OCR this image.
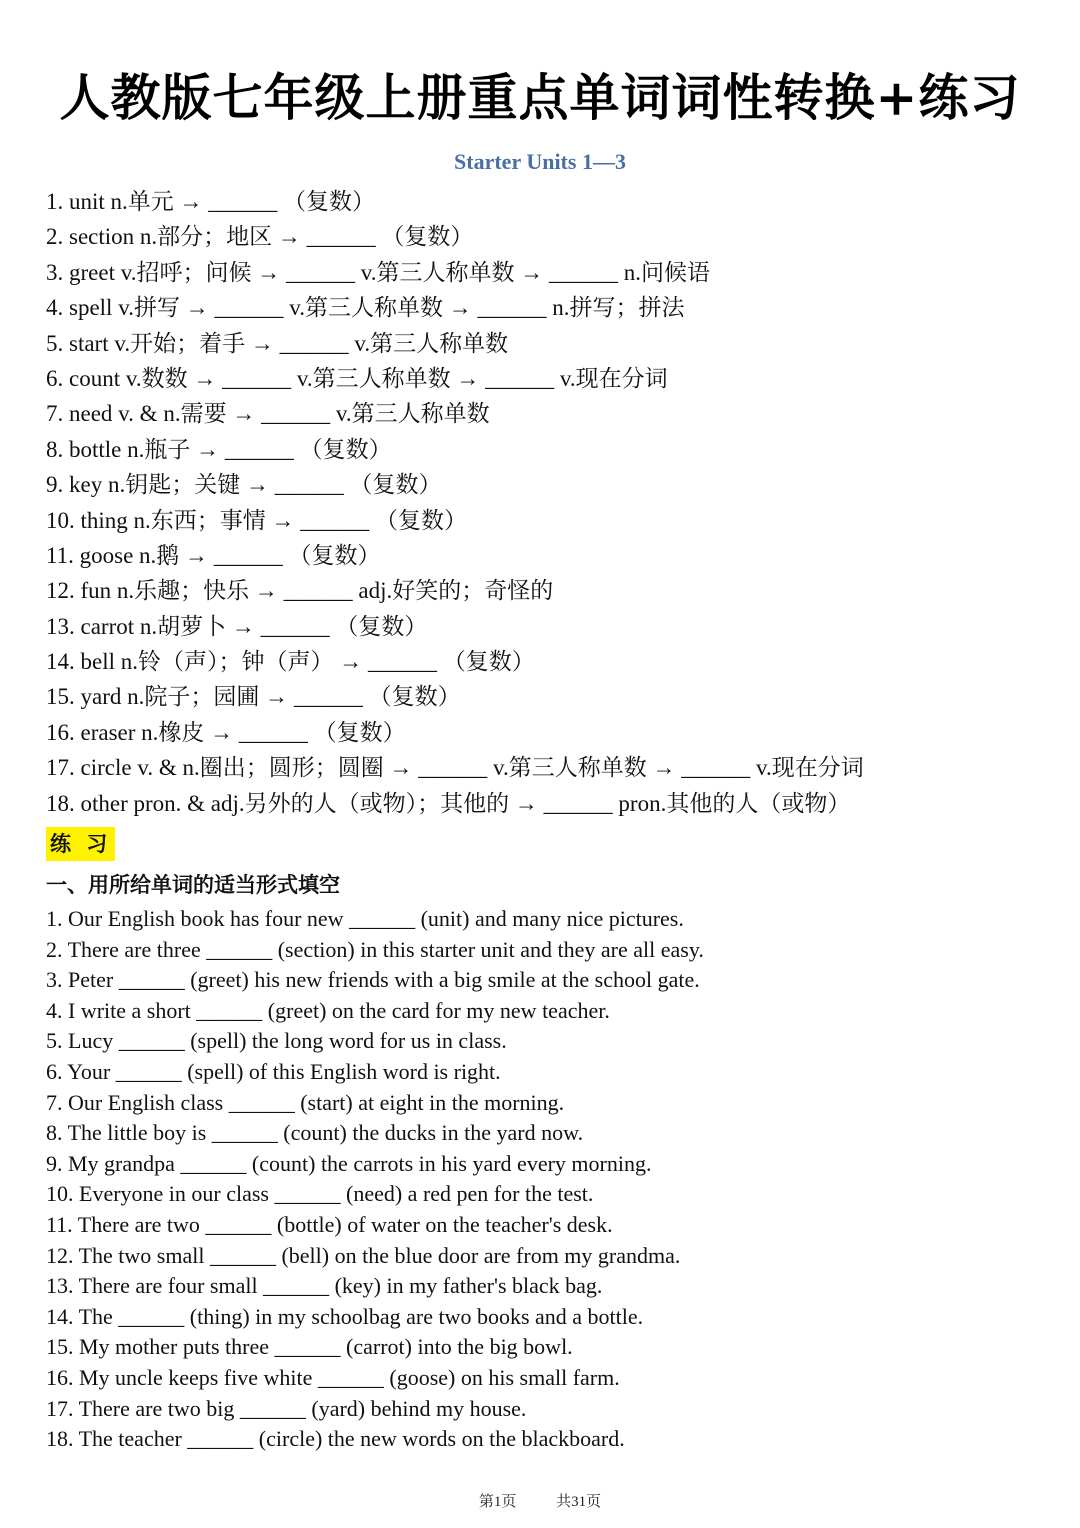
人教版七年级上册重点单词词性转换+练习
Starter Units 1—3
1. unit n.单元 → ______ （复数）
2. section n.部分；地区 → ______ （复数）
3. greet v.招呼；问候 → ______ v.第三人称单数 → ______ n.问候语
4. spell v.拼写 → ______ v.第三人称单数 → ______ n.拼写；拼法
5. start v.开始；着手 → ______ v.第三人称单数
6. count v.数数 → ______ v.第三人称单数 → ______ v.现在分词
7. need v. & n.需要 → ______ v.第三人称单数
8. bottle n.瓶子 → ______ （复数）
9. key n.钥匙；关键 → ______ （复数）
10. thing n.东西；事情 → ______ （复数）
11. goose n.鹅 → ______ （复数）
12. fun n.乐趣；快乐 → ______ adj.好笑的；奇怪的
13. carrot n.胡萝卜 → ______ （复数）
14. bell n.铃（声）；钟（声） → ______ （复数）
15. yard n.院子；园圃 → ______ （复数）
16. eraser n.橡皮 → ______ （复数）
17. circle v. & n.圈出；圆形；圆圈 → ______ v.第三人称单数 → ______ v.现在分词
18. other pron. & adj.另外的人（或物）；其他的 → ______ pron.其他的人（或物）
练 习
一、用所给单词的适当形式填空
1. Our English book has four new ______ (unit) and many nice pictures.
2. There are three ______ (section) in this starter unit and they are all easy.
3. Peter ______ (greet) his new friends with a big smile at the school gate.
4. I write a short ______ (greet) on the card for my new teacher.
5. Lucy ______ (spell) the long word for us in class.
6. Your ______ (spell) of this English word is right.
7. Our English class ______ (start) at eight in the morning.
8. The little boy is ______ (count) the ducks in the yard now.
9. My grandpa ______ (count) the carrots in his yard every morning.
10. Everyone in our class ______ (need) a red pen for the test.
11. There are two ______ (bottle) of water on the teacher's desk.
12. The two small ______ (bell) on the blue door are from my grandma.
13. There are four small ______ (key) in my father's black bag.
14. The ______ (thing) in my schoolbag are two books and a bottle.
15. My mother puts three ______ (carrot) into the big bowl.
16. My uncle keeps five white ______ (goose) on his small farm.
17. There are two big ______ (yard) behind my house.
18. The teacher ______ (circle) the new words on the blackboard.
第1页	共31页
